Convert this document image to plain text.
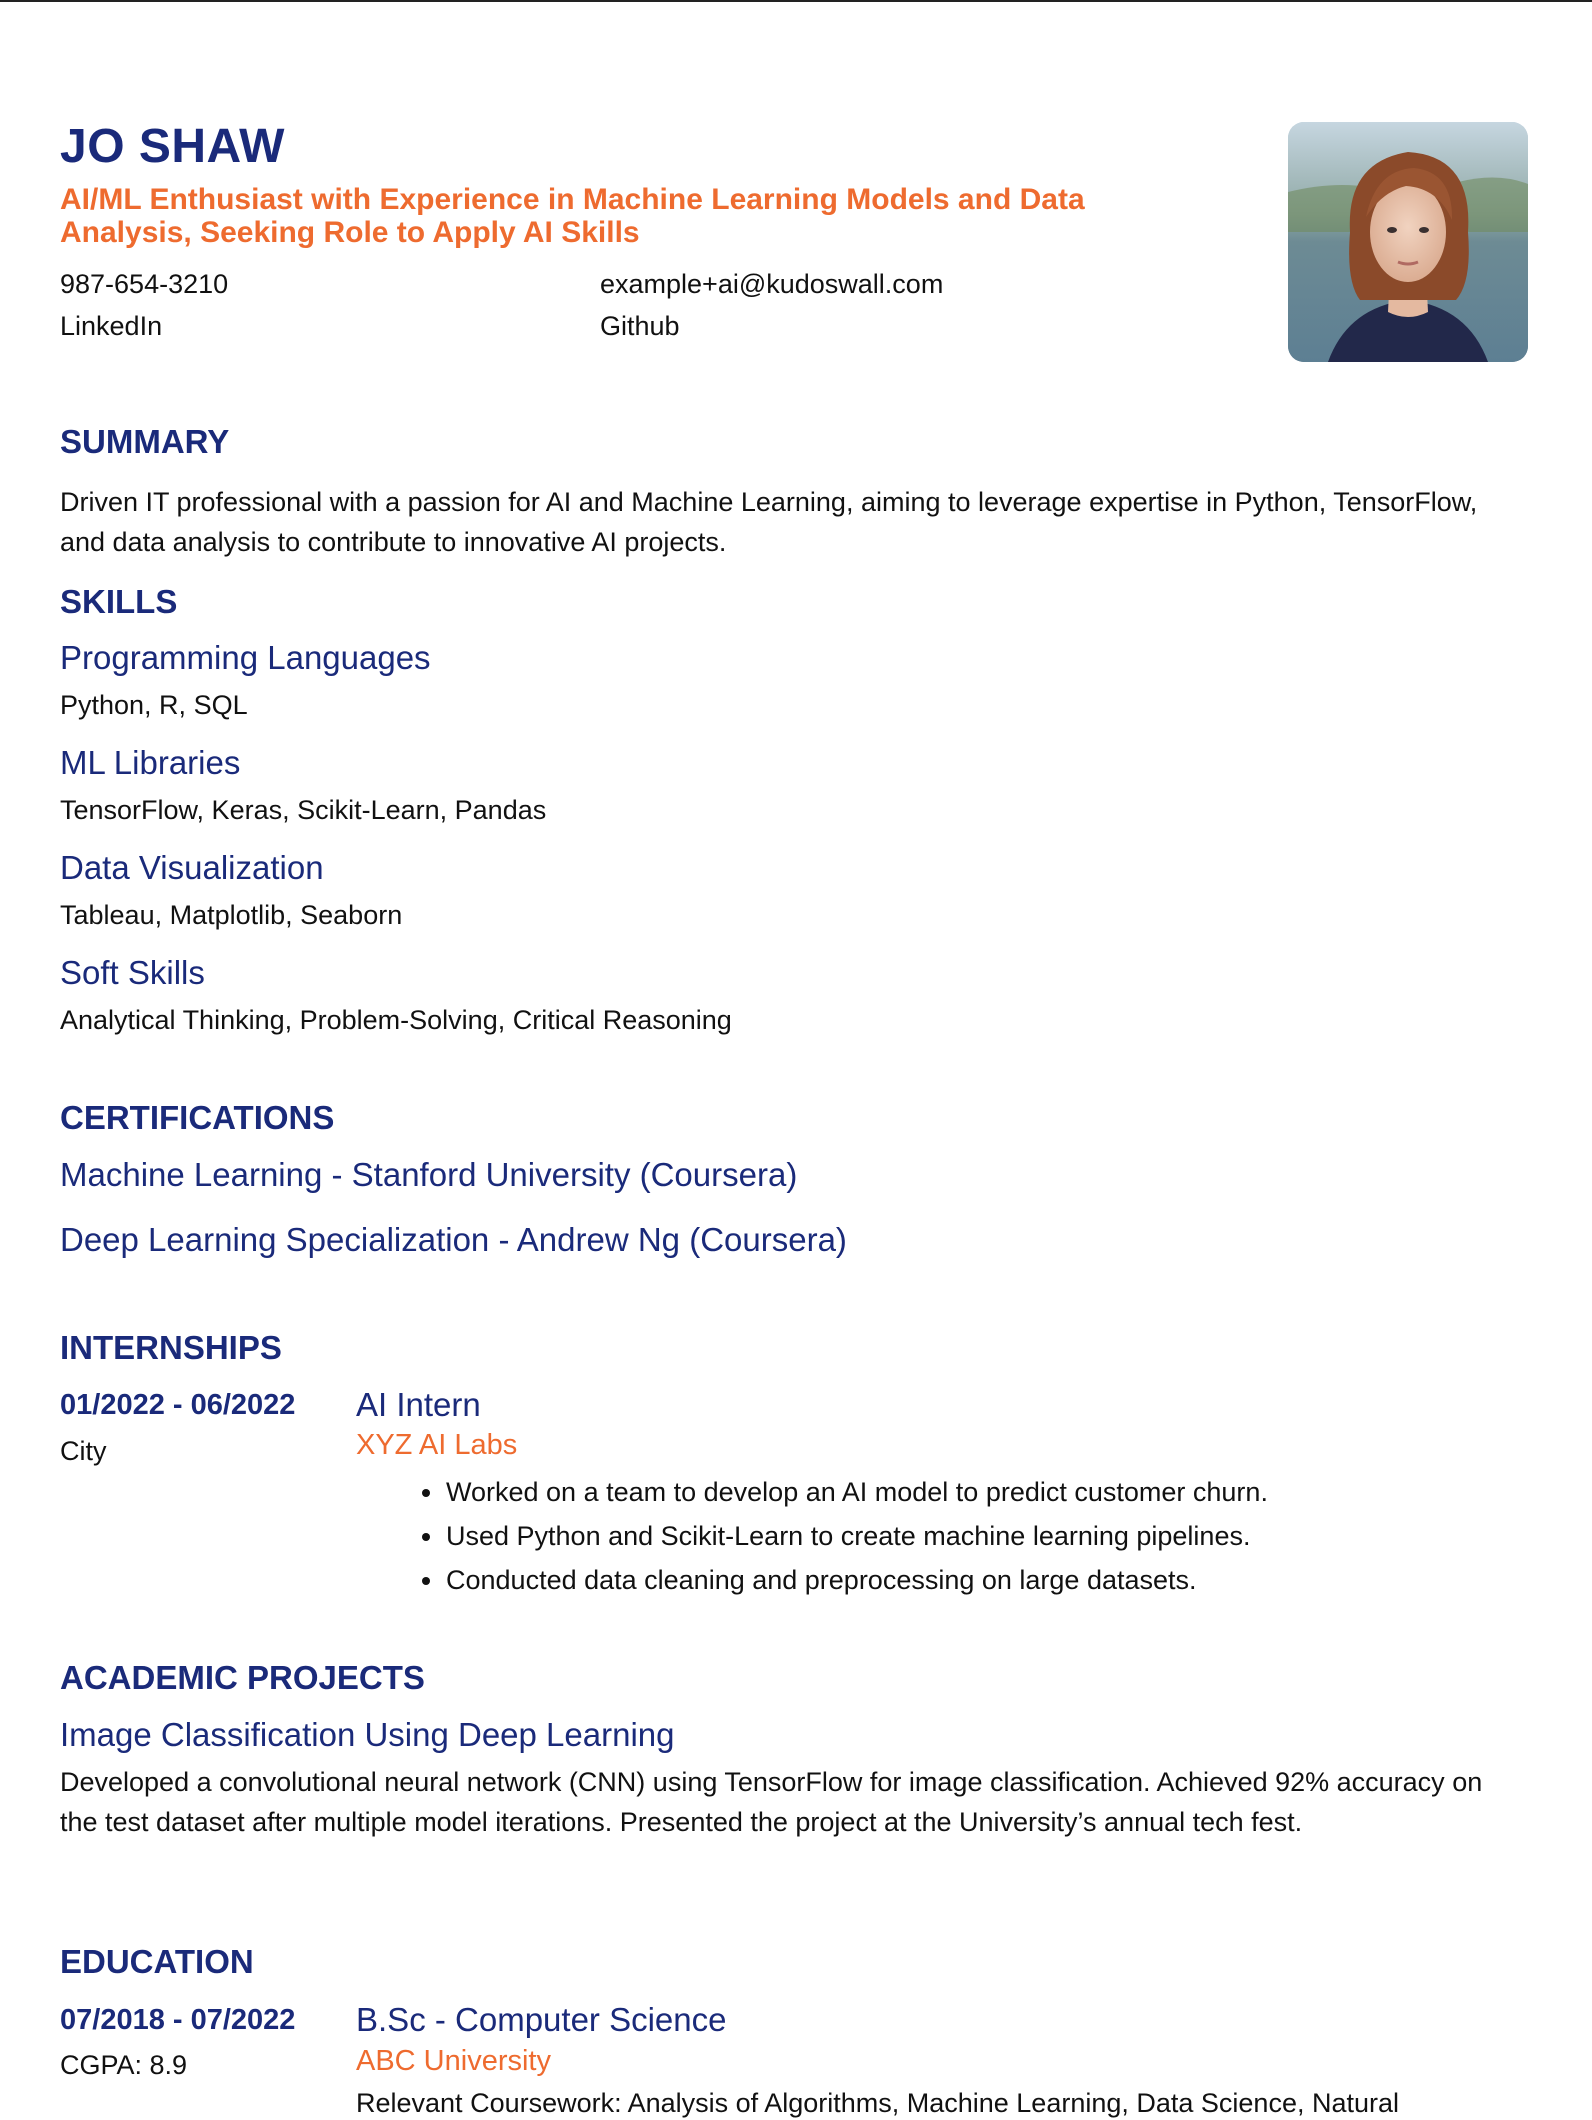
JO SHAW

AI/ML Enthusiast with Experience in Machine Learning Models and Data Analysis, Seeking Role to Apply AI Skills

987-654-3210	example+ai@kudoswall.com
LinkedIn	Github
SUMMARY

Driven IT professional with a passion for AI and Machine Learning, aiming to leverage expertise in Python, TensorFlow, and data analysis to contribute to innovative AI projects.

SKILLS
Programming Languages
Python, R, SQL
ML Libraries
TensorFlow, Keras, Scikit-Learn, Pandas
Data Visualization
Tableau, Matplotlib, Seaborn
Soft Skills
Analytical Thinking, Problem-Solving, Critical Reasoning
CERTIFICATIONS
Machine Learning - Stanford University (Coursera)
Deep Learning Specialization - Andrew Ng (Coursera)
INTERNSHIPS
01/2022 - 06/2022
City
AI Intern
XYZ AI Labs
Worked on a team to develop an AI model to predict customer churn.
Used Python and Scikit-Learn to create machine learning pipelines.
Conducted data cleaning and preprocessing on large datasets.
ACADEMIC PROJECTS
Image Classification Using Deep Learning

Developed a convolutional neural network (CNN) using TensorFlow for image classification. Achieved 92% accuracy on the test dataset after multiple model iterations. Presented the project at the University’s annual tech fest.

EDUCATION
07/2018 - 07/2022
CGPA: 8.9
B.Sc - Computer Science
ABC University
Relevant Coursework: Analysis of Algorithms, Machine Learning, Data Science, Natural
